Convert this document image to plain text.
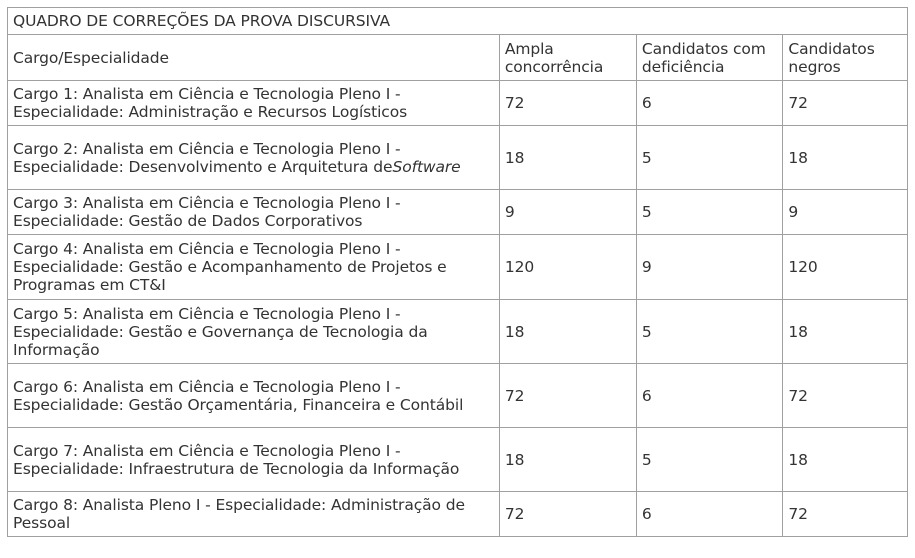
QUADRO DE CORREÇÕES DA PROVA DISCURSIVA			
Cargo/Especialidade	Ampla concorrência	Candidatos com deficiência	Candidatos negros
Cargo 1: Analista em Ciência e Tecnologia Pleno I - Especialidade: Administração e Recursos Logísticos	72	6	72
Cargo 2: Analista em Ciência e Tecnologia Pleno I - Especialidade: Desenvolvimento e Arquitetura deSoftware	18	5	18
Cargo 3: Analista em Ciência e Tecnologia Pleno I - Especialidade: Gestão de Dados Corporativos	9	5	9
Cargo 4: Analista em Ciência e Tecnologia Pleno I - Especialidade: Gestão e Acompanhamento de Projetos e Programas em CT&I	120	9	120
Cargo 5: Analista em Ciência e Tecnologia Pleno I - Especialidade: Gestão e Governança de Tecnologia da Informação	18	5	18
Cargo 6: Analista em Ciência e Tecnologia Pleno I - Especialidade: Gestão Orçamentária, Financeira e Contábil	72	6	72
Cargo 7: Analista em Ciência e Tecnologia Pleno I - Especialidade: Infraestrutura de Tecnologia da Informação	18	5	18
Cargo 8: Analista Pleno I - Especialidade: Administração de Pessoal	72	6	72
